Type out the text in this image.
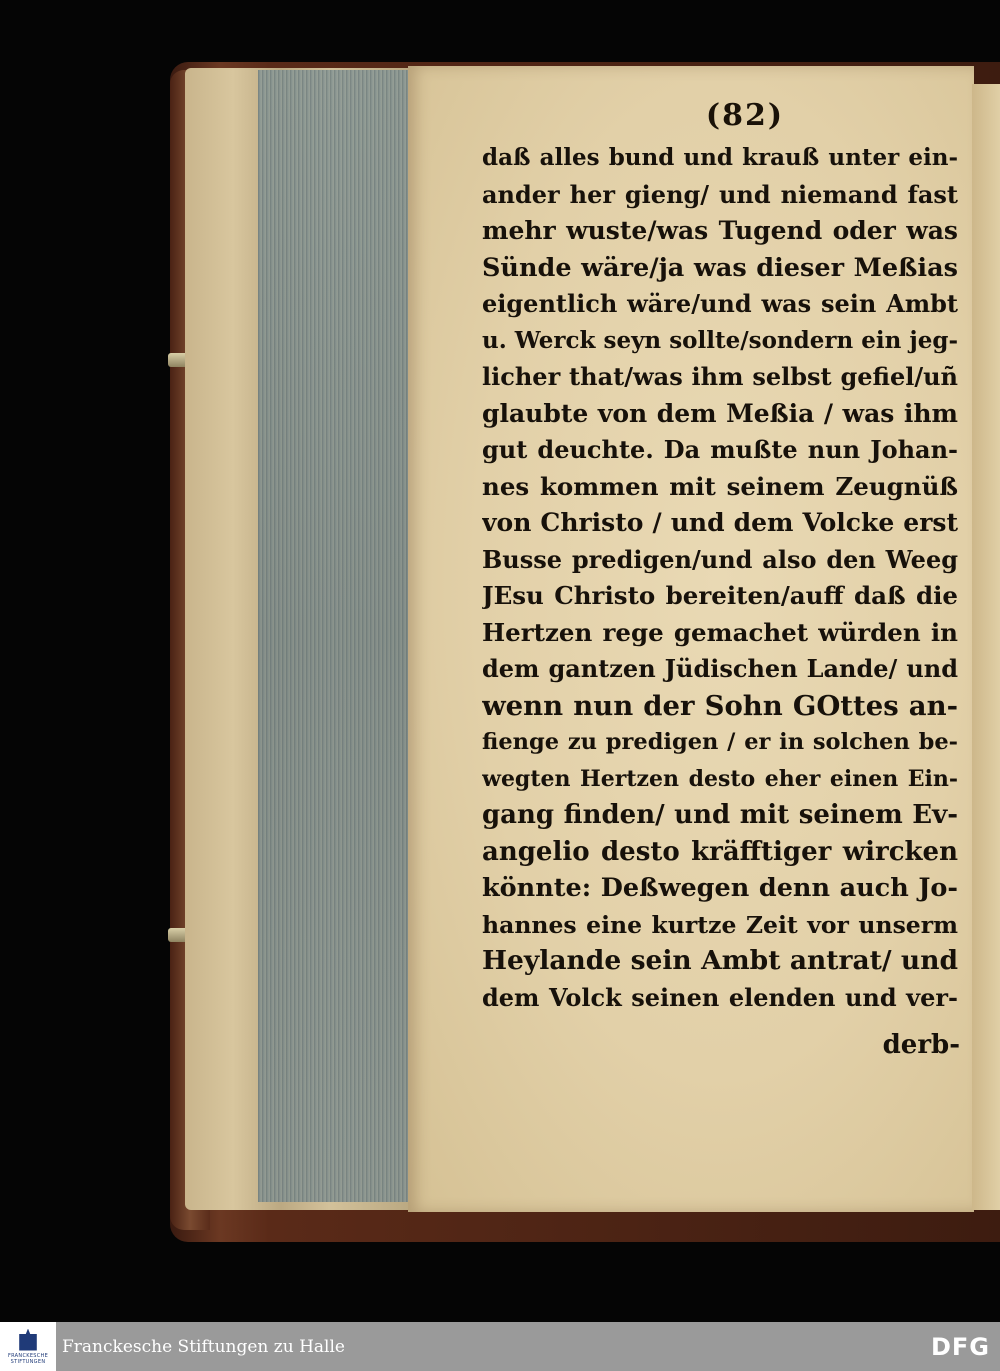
(82)
daß alles bund und krauß unter ein-
ander her gieng/ und niemand fast
mehr wuste/was Tugend oder was
Sünde wäre/ja was dieser Meßias
eigentlich wäre/und was sein Ambt
u. Werck seyn sollte/sondern ein jeg-
licher that/was ihm selbst gefiel/uñ
glaubte von dem Meßia / was ihm
gut deuchte. Da mußte nun Johan-
nes kommen mit seinem Zeugnüß
von Christo / und dem Volcke erst
Busse predigen/und also den Weeg
JEsu Christo bereiten/auff daß die
Hertzen rege gemachet würden in
dem gantzen Jüdischen Lande/ und
wenn nun der Sohn GOttes an-
fienge zu predigen / er in solchen be-
wegten Hertzen desto eher einen Ein-
gang finden/ und mit seinem Ev-
angelio desto kräfftiger wircken
könnte: Deßwegen denn auch Jo-
hannes eine kurtze Zeit vor unserm
Heylande sein Ambt antrat/ und
dem Volck seinen elenden und ver-
derb-
FRANCKESCHE STIFTUNGEN
Franckesche Stiftungen zu Halle	DFG
